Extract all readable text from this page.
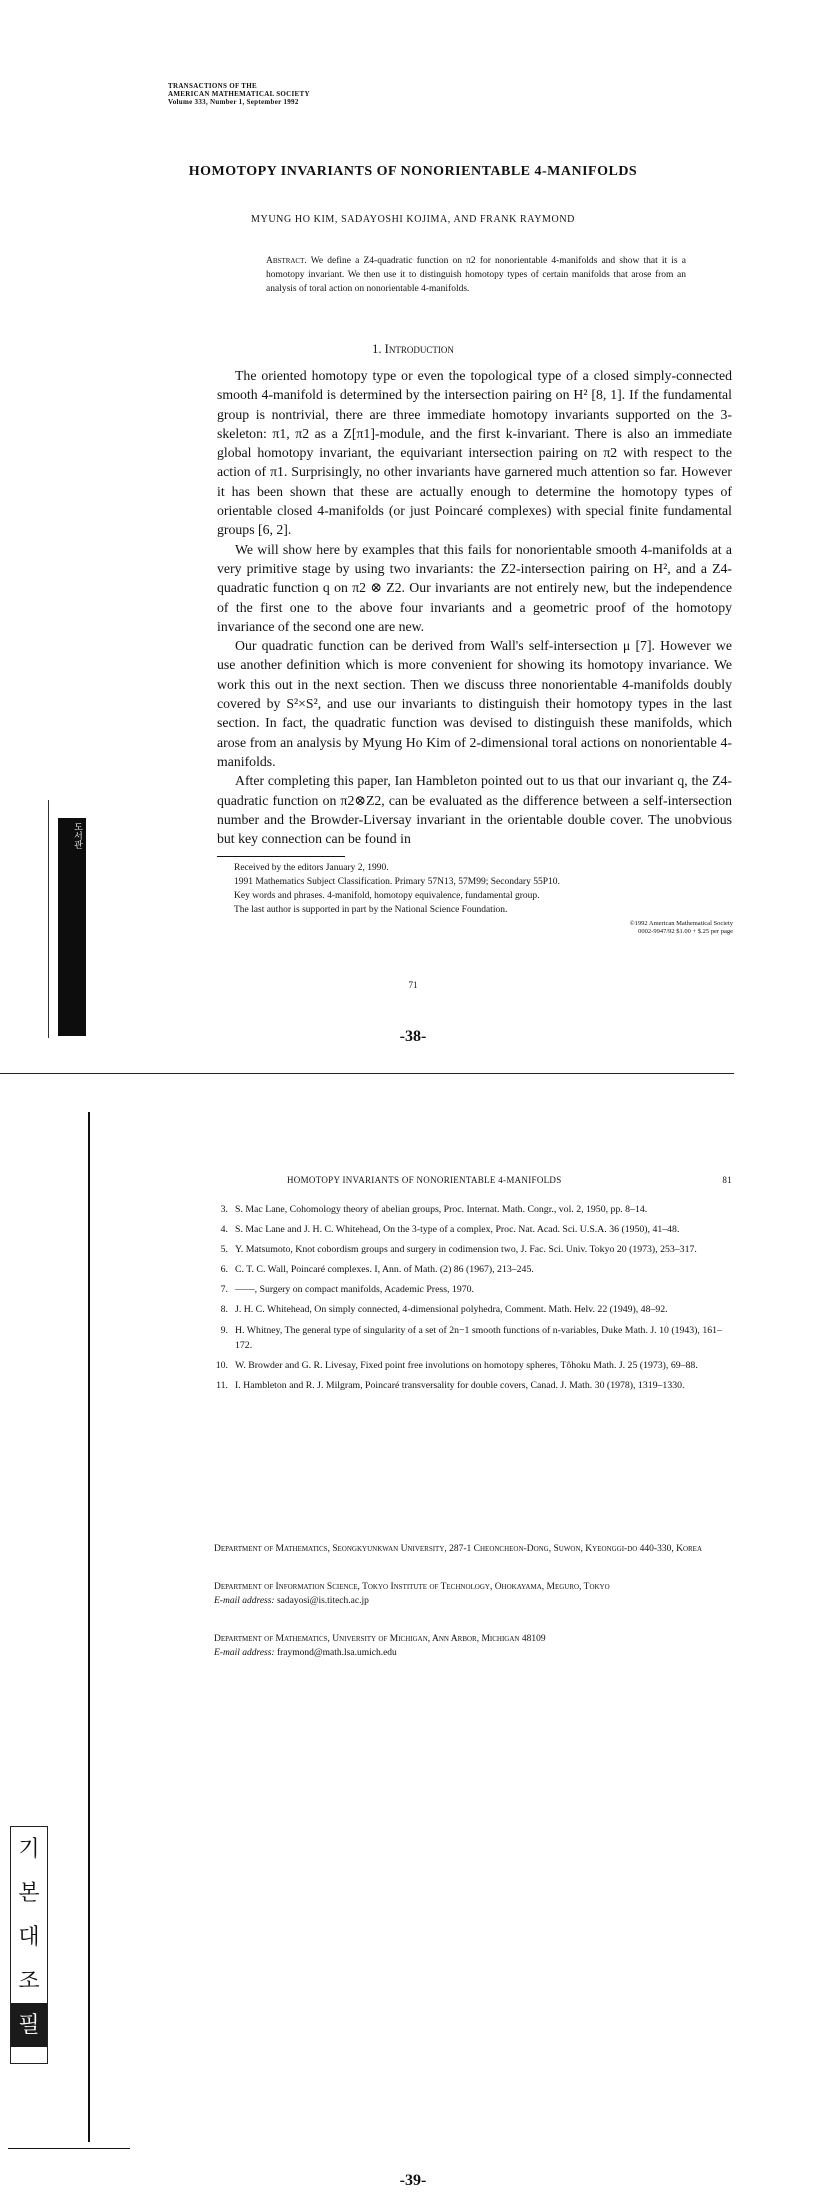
TRANSACTIONS OF THE
AMERICAN MATHEMATICAL SOCIETY
Volume 333, Number 1, September 1992
HOMOTOPY INVARIANTS OF NONORIENTABLE 4-MANIFOLDS
MYUNG HO KIM, SADAYOSHI KOJIMA, AND FRANK RAYMOND
Abstract. We define a Z4-quadratic function on π2 for nonorientable 4-manifolds and show that it is a homotopy invariant. We then use it to distinguish homotopy types of certain manifolds that arose from an analysis of toral action on nonorientable 4-manifolds.
1. Introduction

The oriented homotopy type or even the topological type of a closed simply-connected smooth 4-manifold is determined by the intersection pairing on H² [8, 1]. If the fundamental group is nontrivial, there are three immediate homotopy invariants supported on the 3-skeleton: π1, π2 as a Z[π1]-module, and the first k-invariant. There is also an immediate global homotopy invariant, the equivariant intersection pairing on π2 with respect to the action of π1. Surprisingly, no other invariants have garnered much attention so far. However it has been shown that these are actually enough to determine the homotopy types of orientable closed 4-manifolds (or just Poincaré complexes) with special finite fundamental groups [6, 2].

We will show here by examples that this fails for nonorientable smooth 4-manifolds at a very primitive stage by using two invariants: the Z2-intersection pairing on H², and a Z4-quadratic function q on π2 ⊗ Z2. Our invariants are not entirely new, but the independence of the first one to the above four invariants and a geometric proof of the homotopy invariance of the second one are new.

Our quadratic function can be derived from Wall's self-intersection μ [7]. However we use another definition which is more convenient for showing its homotopy invariance. We work this out in the next section. Then we discuss three nonorientable 4-manifolds doubly covered by S²×S², and use our invariants to distinguish their homotopy types in the last section. In fact, the quadratic function was devised to distinguish these manifolds, which arose from an analysis by Myung Ho Kim of 2-dimensional toral actions on nonorientable 4-manifolds.

After completing this paper, Ian Hambleton pointed out to us that our invariant q, the Z4-quadratic function on π2⊗Z2, can be evaluated as the difference between a self-intersection number and the Browder-Liversay invariant in the orientable double cover. The unobvious but key connection can be found in

Received by the editors January 2, 1990.
1991 Mathematics Subject Classification. Primary 57N13, 57M99; Secondary 55P10.
Key words and phrases. 4-manifold, homotopy equivalence, fundamental group.
The last author is supported in part by the National Science Foundation.
©1992 American Mathematical Society
0002-9947/92 $1.00 + $.25 per page
71
-38-
도서관
HOMOTOPY INVARIANTS OF NONORIENTABLE 4-MANIFOLDS	81
3. S. Mac Lane, Cohomology theory of abelian groups, Proc. Internat. Math. Congr., vol. 2, 1950, pp. 8–14.
4. S. Mac Lane and J. H. C. Whitehead, On the 3-type of a complex, Proc. Nat. Acad. Sci. U.S.A. 36 (1950), 41–48.
5. Y. Matsumoto, Knot cobordism groups and surgery in codimension two, J. Fac. Sci. Univ. Tokyo 20 (1973), 253–317.
6. C. T. C. Wall, Poincaré complexes. I, Ann. of Math. (2) 86 (1967), 213–245.
7. ——, Surgery on compact manifolds, Academic Press, 1970.
8. J. H. C. Whitehead, On simply connected, 4-dimensional polyhedra, Comment. Math. Helv. 22 (1949), 48–92.
9. H. Whitney, The general type of singularity of a set of 2n−1 smooth functions of n-variables, Duke Math. J. 10 (1943), 161–172.
10. W. Browder and G. R. Livesay, Fixed point free involutions on homotopy spheres, Tôhoku Math. J. 25 (1973), 69–88.
11. I. Hambleton and R. J. Milgram, Poincaré transversality for double covers, Canad. J. Math. 30 (1978), 1319–1330.
Department of Mathematics, Seongkyunkwan University, 287-1 Cheoncheon-Dong, Suwon, Kyeonggi-do 440-330, Korea
Department of Information Science, Tokyo Institute of Technology, Ohokayama, Meguro, Tokyo
E-mail address: sadayosi@is.titech.ac.jp
Department of Mathematics, University of Michigan, Ann Arbor, Michigan 48109
E-mail address: fraymond@math.lsa.umich.edu
기
본
대
조
필
-39-
